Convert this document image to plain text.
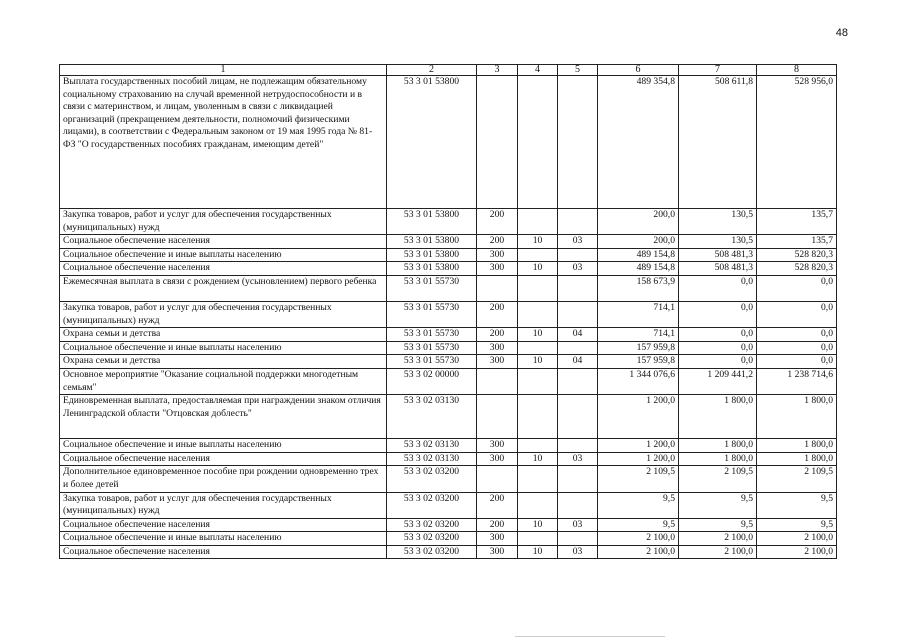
48
1	2	3	4	5	6	7	8
Выплата государственных пособий лицам, не подлежащим обязательному социальному страхованию на случай временной нетрудоспособности и в связи с материнством, и лицам, уволенным в связи с ликвидацией организаций (прекращением деятельности, полномочий физическими лицами), в соответствии с Федеральным законом от 19 мая 1995 года № 81-ФЗ "О государственных пособиях гражданам, имеющим детей"	53 3 01 53800				489 354,8	508 611,8	528 956,0
Закупка товаров, работ и услуг для обеспечения государственных (муниципальных) нужд	53 3 01 53800	200			200,0	130,5	135,7
Социальное обеспечение населения	53 3 01 53800	200	10	03	200,0	130,5	135,7
Социальное обеспечение и иные выплаты населению	53 3 01 53800	300			489 154,8	508 481,3	528 820,3
Социальное обеспечение населения	53 3 01 53800	300	10	03	489 154,8	508 481,3	528 820,3
Ежемесячная выплата в связи с рождением (усыновлением) первого ребенка	53 3 01 55730				158 673,9	0,0	0,0
Закупка товаров, работ и услуг для обеспечения государственных (муниципальных) нужд	53 3 01 55730	200			714,1	0,0	0,0
Охрана семьи и детства	53 3 01 55730	200	10	04	714,1	0,0	0,0
Социальное обеспечение и иные выплаты населению	53 3 01 55730	300			157 959,8	0,0	0,0
Охрана семьи и детства	53 3 01 55730	300	10	04	157 959,8	0,0	0,0
Основное мероприятие "Оказание социальной поддержки многодетным семьям"	53 3 02 00000				1 344 076,6	1 209 441,2	1 238 714,6
Единовременная выплата, предоставляемая при награждении знаком отличия Ленинградской области "Отцовская доблесть"	53 3 02 03130				1 200,0	1 800,0	1 800,0
Социальное обеспечение и иные выплаты населению	53 3 02 03130	300			1 200,0	1 800,0	1 800,0
Социальное обеспечение населения	53 3 02 03130	300	10	03	1 200,0	1 800,0	1 800,0
Дополнительное единовременное пособие при рождении одновременно трех и более детей	53 3 02 03200				2 109,5	2 109,5	2 109,5
Закупка товаров, работ и услуг для обеспечения государственных (муниципальных) нужд	53 3 02 03200	200			9,5	9,5	9,5
Социальное обеспечение населения	53 3 02 03200	200	10	03	9,5	9,5	9,5
Социальное обеспечение и иные выплаты населению	53 3 02 03200	300			2 100,0	2 100,0	2 100,0
Социальное обеспечение населения	53 3 02 03200	300	10	03	2 100,0	2 100,0	2 100,0
